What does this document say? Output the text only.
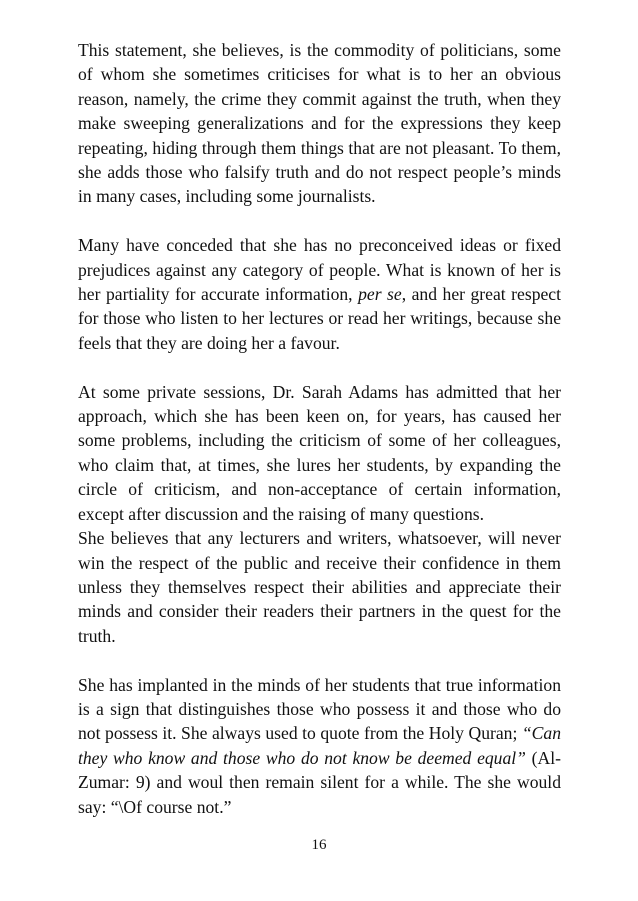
This statement, she believes, is the commodity of politicians, some of whom she sometimes criticises for what is to her an obvious reason, namely, the crime they commit against the truth, when they make sweeping generalizations and for the expressions they keep repeating, hiding through them things that are not pleasant. To them, she adds those who falsify truth and do not respect people’s minds in many cases, including some journalists.

Many have conceded that she has no preconceived ideas or fixed prejudices against any category of people. What is known of her is her partiality for accurate information, per se, and her great respect for those who listen to her lectures or read her writings, because she feels that they are doing her a favour.

At some private sessions, Dr. Sarah Adams has admitted that her approach, which she has been keen on, for years, has caused her some problems, including the criticism of some of her colleagues, who claim that, at times, she lures her students, by expanding the circle of criticism, and non-acceptance of certain information, except after discussion and the raising of many questions.

She believes that any lecturers and writers, whatsoever, will never win the respect of the public and receive their confidence in them unless they themselves respect their abilities and appreciate their minds and consider their readers their partners in the quest for the truth.

She has implanted in the minds of her students that true information is a sign that distinguishes those who possess it and those who do not possess it. She always used to quote from the Holy Quran; “Can they who know and those who do not know be deemed equal” (Al-Zumar: 9) and woul then remain silent for a while. The she would say: “\Of course not.”

16
